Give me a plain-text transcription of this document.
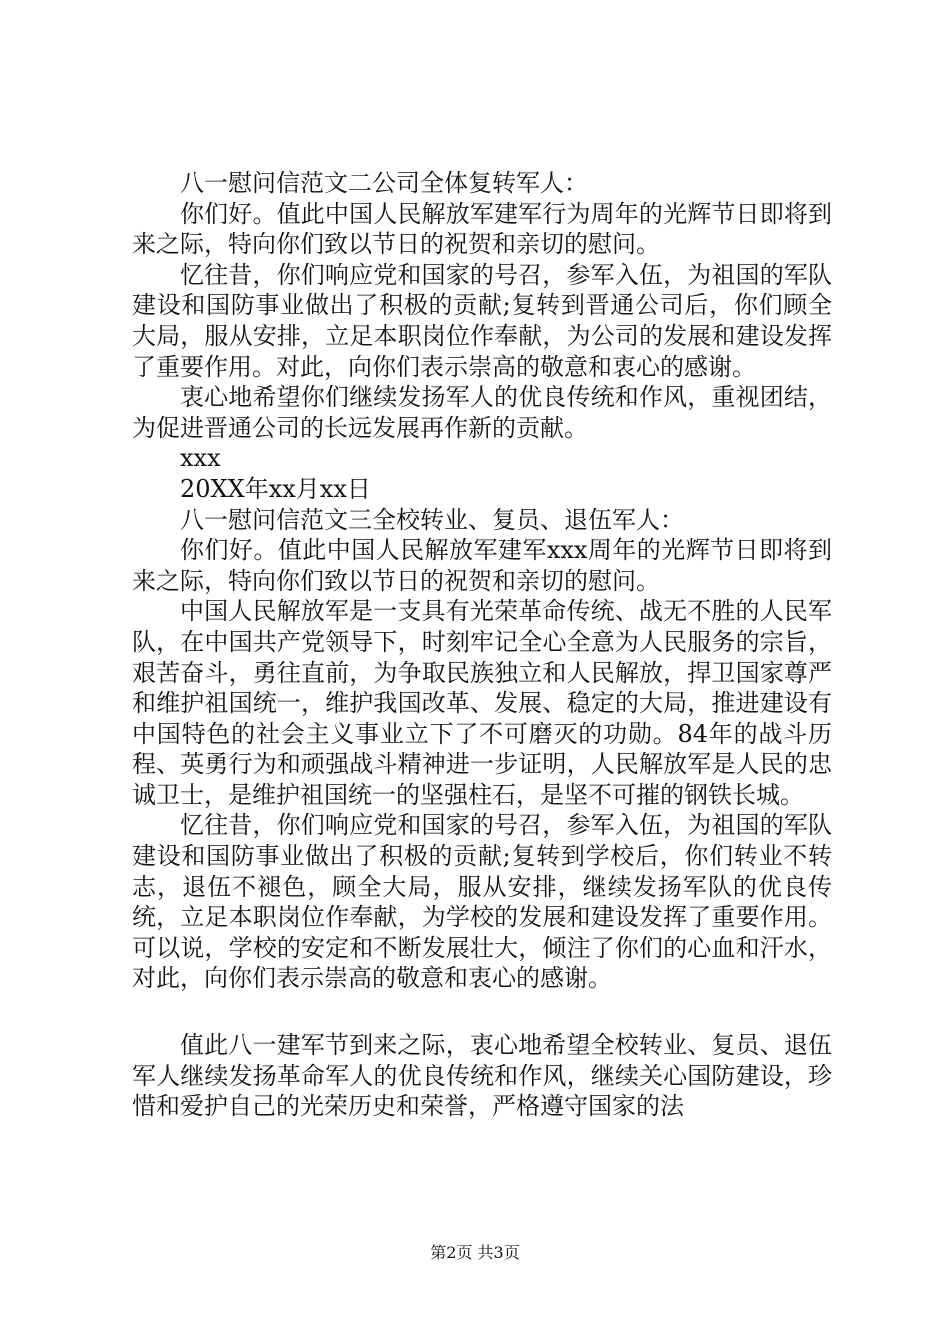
八一慰问信范文二公司全体复转军人：

你们好。值此中国人民解放军建军行为周年的光辉节日即将到来之际，特向你们致以节日的祝贺和亲切的慰问。

忆往昔，你们响应党和国家的号召，参军入伍，为祖国的军队建设和国防事业做出了积极的贡献;复转到晋通公司后，你们顾全大局，服从安排，立足本职岗位作奉献，为公司的发展和建设发挥了重要作用。对此，向你们表示崇高的敬意和衷心的感谢。

衷心地希望你们继续发扬军人的优良传统和作风，重视团结，为促进晋通公司的长远发展再作新的贡献。

xxx

20XX年xx月xx日

八一慰问信范文三全校转业、复员、退伍军人：

你们好。值此中国人民解放军建军xxx周年的光辉节日即将到来之际，特向你们致以节日的祝贺和亲切的慰问。

中国人民解放军是一支具有光荣革命传统、战无不胜的人民军队，在中国共产党领导下，时刻牢记全心全意为人民服务的宗旨，艰苦奋斗，勇往直前，为争取民族独立和人民解放，捍卫国家尊严和维护祖国统一，维护我国改革、发展、稳定的大局，推进建设有中国特色的社会主义事业立下了不可磨灭的功勋。84年的战斗历程、英勇行为和顽强战斗精神进一步证明，人民解放军是人民的忠诚卫士，是维护祖国统一的坚强柱石，是坚不可摧的钢铁长城。

忆往昔，你们响应党和国家的号召，参军入伍，为祖国的军队建设和国防事业做出了积极的贡献;复转到学校后，你们转业不转志，退伍不褪色，顾全大局，服从安排，继续发扬军队的优良传统，立足本职岗位作奉献，为学校的发展和建设发挥了重要作用。可以说，学校的安定和不断发展壮大，倾注了你们的心血和汗水，对此，向你们表示崇高的敬意和衷心的感谢。

值此八一建军节到来之际，衷心地希望全校转业、复员、退伍军人继续发扬革命军人的优良传统和作风，继续关心国防建设，珍惜和爱护自己的光荣历史和荣誉，严格遵守国家的法

第2页 共3页
